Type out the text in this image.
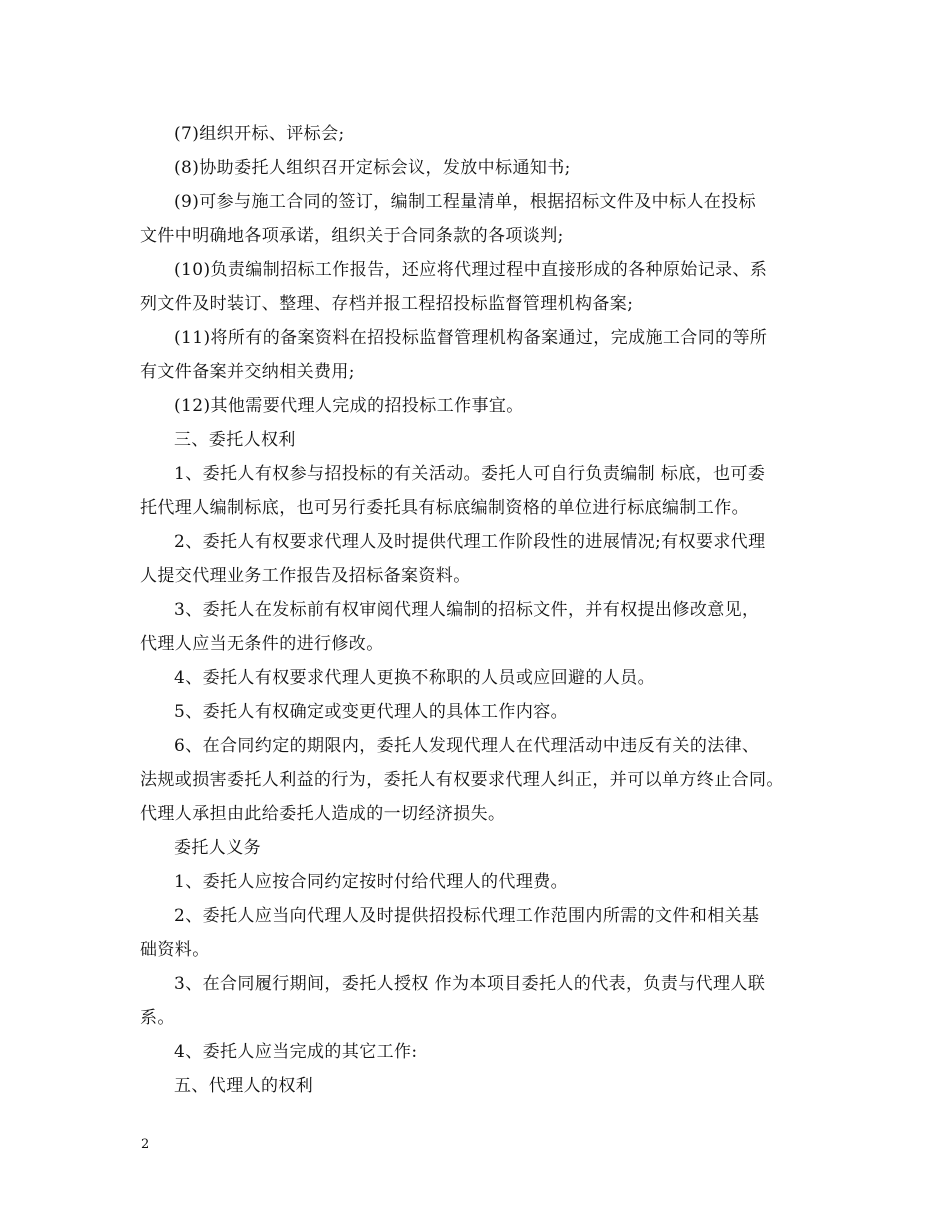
(7)组织开标、评标会;
(8)协助委托人组织召开定标会议，发放中标通知书;
(9)可参与施工合同的签订，编制工程量清单，根据招标文件及中标人在投标
文件中明确地各项承诺，组织关于合同条款的各项谈判;
(10)负责编制招标工作报告，还应将代理过程中直接形成的各种原始记录、系
列文件及时装订、整理、存档并报工程招投标监督管理机构备案;
(11)将所有的备案资料在招投标监督管理机构备案通过，完成施工合同的等所
有文件备案并交纳相关费用;
(12)其他需要代理人完成的招投标工作事宜。
三、委托人权利
1、委托人有权参与招投标的有关活动。委托人可自行负责编制 标底，也可委
托代理人编制标底，也可另行委托具有标底编制资格的单位进行标底编制工作。
2、委托人有权要求代理人及时提供代理工作阶段性的进展情况;有权要求代理
人提交代理业务工作报告及招标备案资料。
3、委托人在发标前有权审阅代理人编制的招标文件，并有权提出修改意见，
代理人应当无条件的进行修改。
4、委托人有权要求代理人更换不称职的人员或应回避的人员。
5、委托人有权确定或变更代理人的具体工作内容。
6、在合同约定的期限内，委托人发现代理人在代理活动中违反有关的法律、
法规或损害委托人利益的行为，委托人有权要求代理人纠正，并可以单方终止合同。
代理人承担由此给委托人造成的一切经济损失。
委托人义务
1、委托人应按合同约定按时付给代理人的代理费。
2、委托人应当向代理人及时提供招投标代理工作范围内所需的文件和相关基
础资料。
3、在合同履行期间，委托人授权 作为本项目委托人的代表，负责与代理人联
系。
4、委托人应当完成的其它工作:
五、代理人的权利
2
